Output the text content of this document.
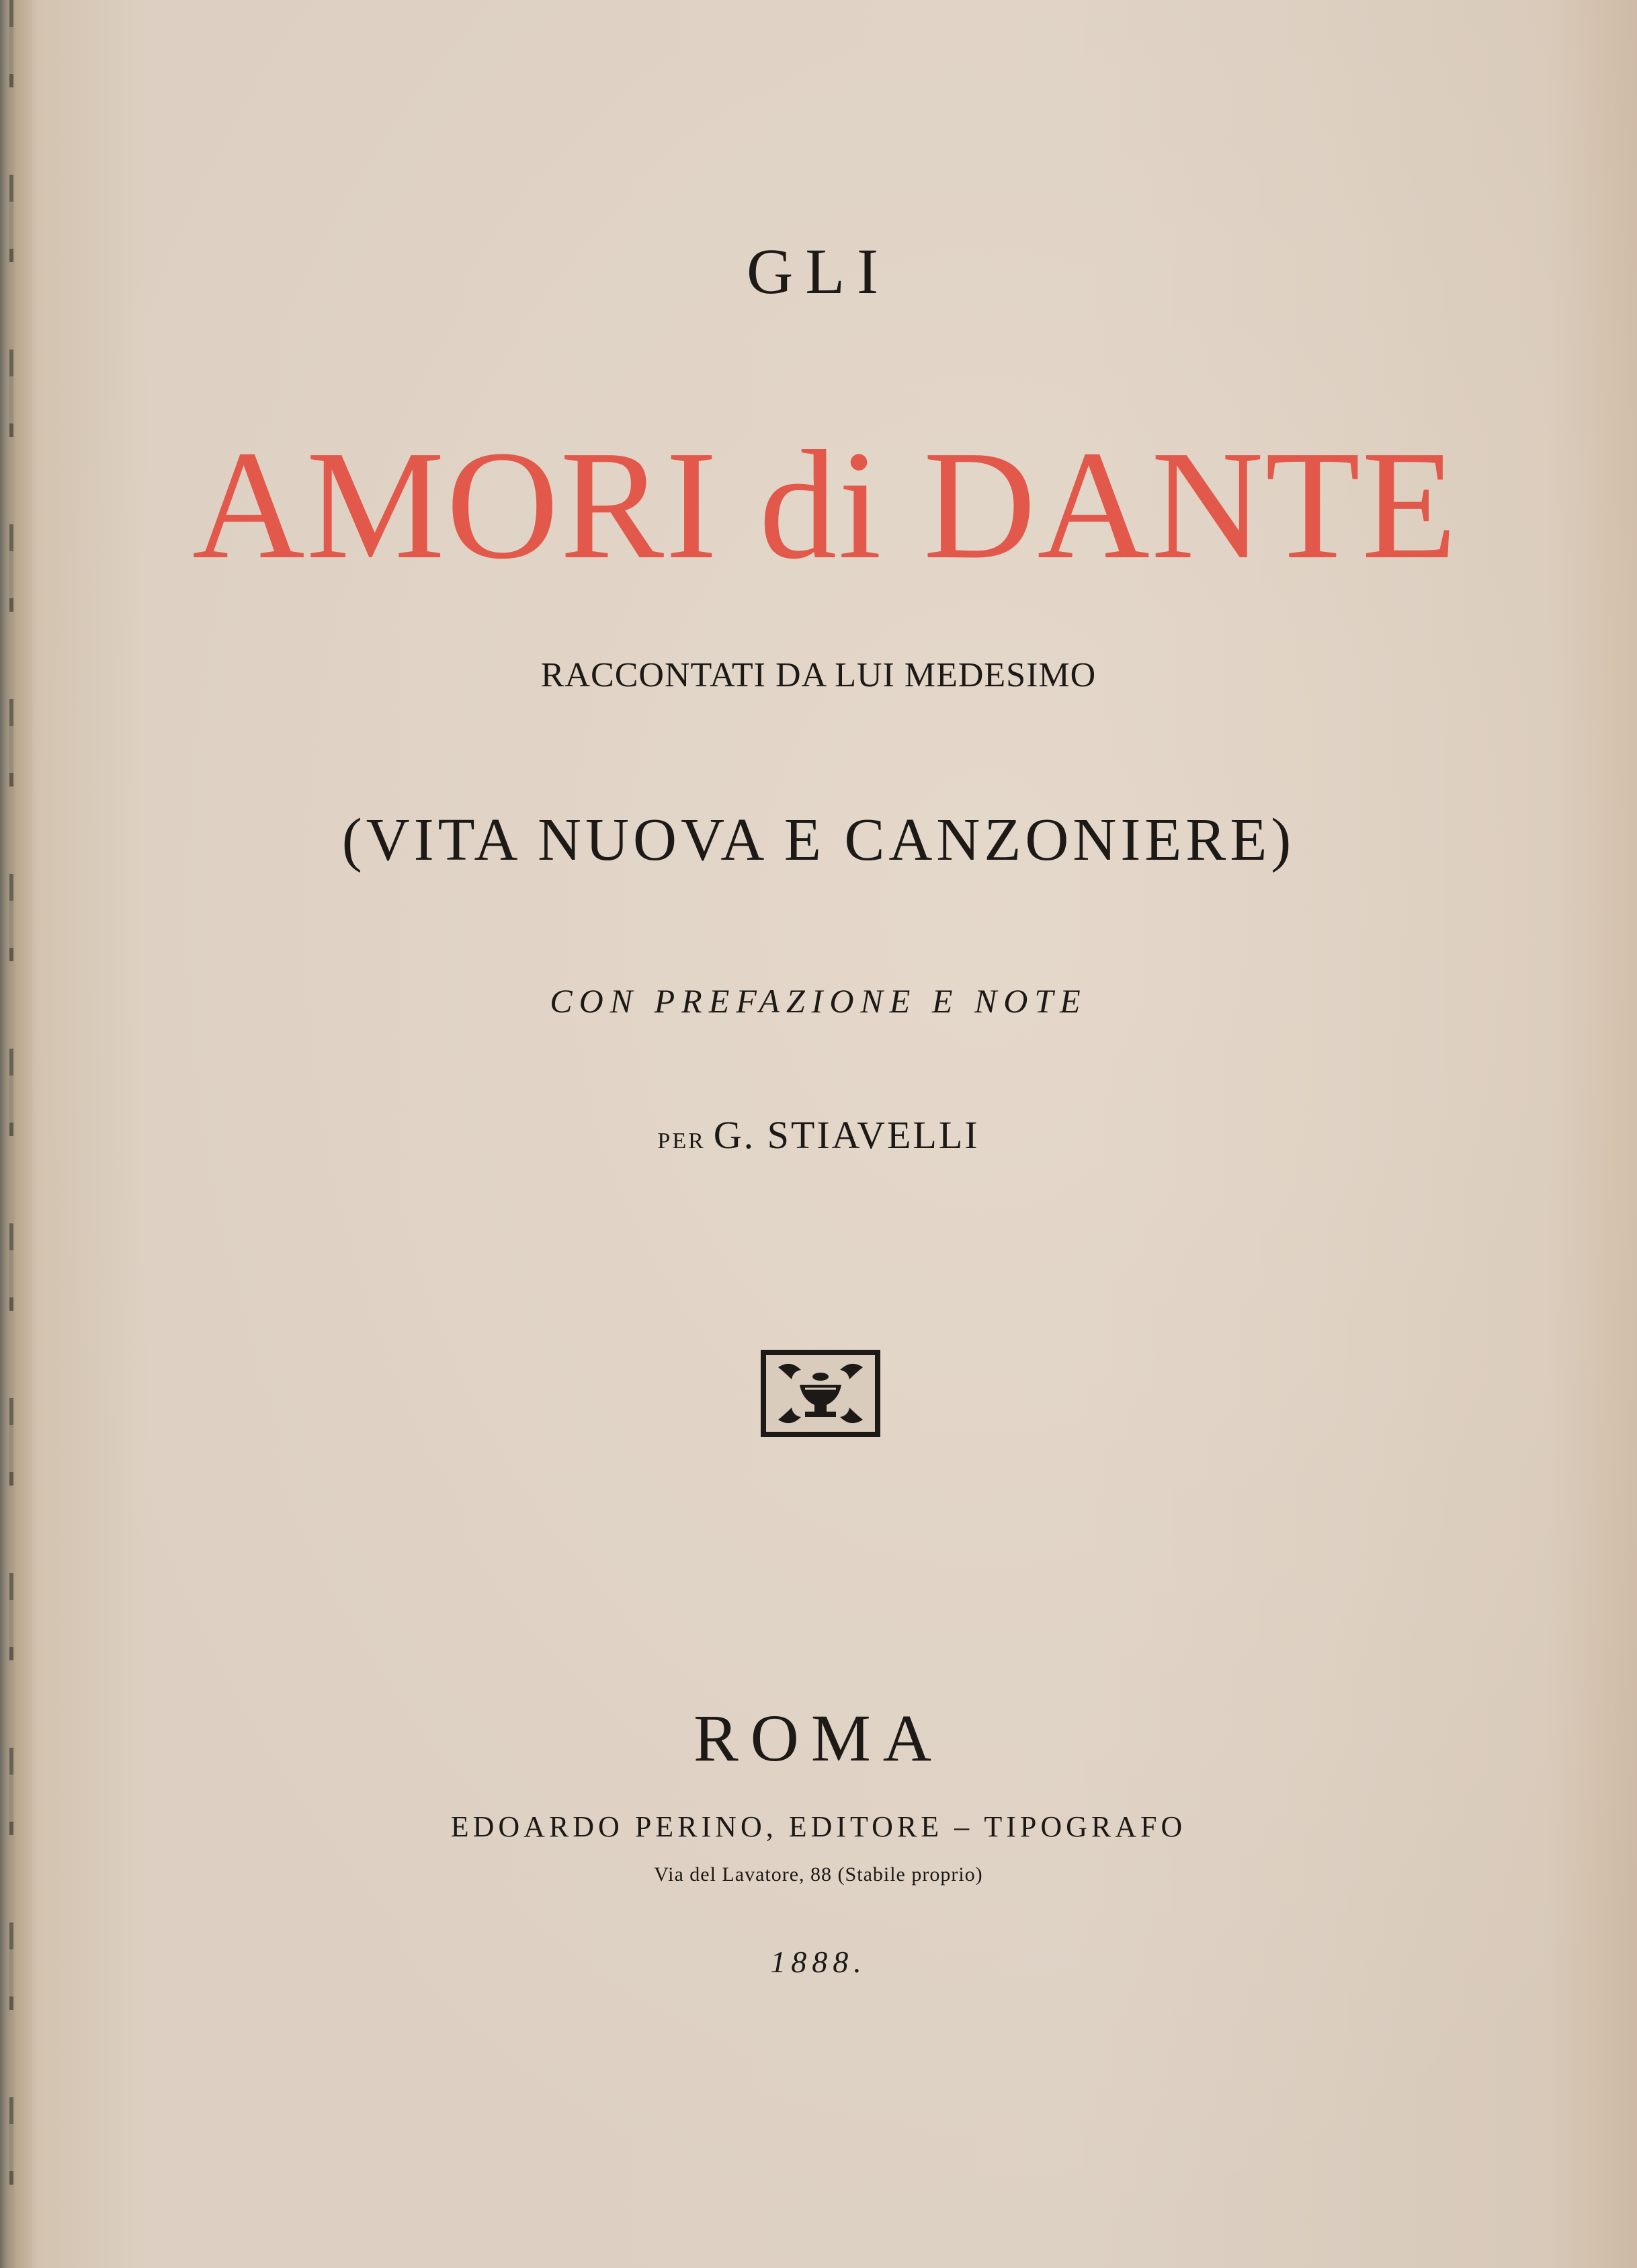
GLI
AMORI di DANTE
RACCONTATI DA LUI MEDESIMO
(VITA NUOVA E CANZONIERE)
CON PREFAZIONE E NOTE
PER G. STIAVELLI
ROMA
EDOARDO PERINO, EDITORE – TIPOGRAFO
Via del Lavatore, 88 (Stabile proprio)
1888.
